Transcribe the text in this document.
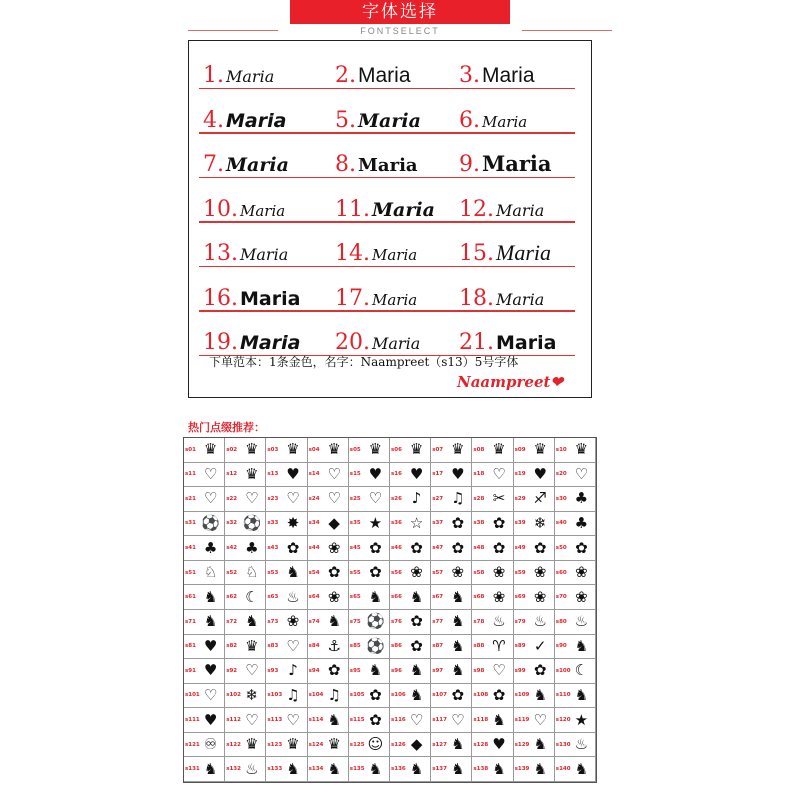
字体选择
FONTSELECT
1. Maria	2.Maria 3.Maria
4. Maria 5. Maria 6. Maria
7. Maria 8. Maria 9.Maria
10. Maria 11. Maria 12. Maria
13. Maria 14. Maria 15.Maria
16. Maria 17. Maria 18. Maria
19. Maria 20. Maria 21. Maria
下单范本：1条金色，名字：Naampreet（s13）5号字体
Naampreet❤
热门点缀推荐：
s01 ♛	s02 ♛	s03 ♛	s04 ♛	s05 ♛	s06 ♛	s07 ♛	s08 ♛	s09 ♛	s10 ♛
s11 ♡	s12 ♛	s13 ♥	s14 ♡	s15 ♥	s16 ♥	s17 ♥	s18 ♡	s19 ♥	s20 ♡
s21 ♡	s22 ♡	s23 ♡	s24 ♡	s25 ♡	s26 ♪	s27 ♫	s28 ✂	s29 ♐	s30 ♣
s31 ⚽	s32 ⚽	s33 ✸	s34 ◆	s35 ★	s36 ☆	s37 ✿	s38 ✿	s39 ❄	s40 ♣
s41 ♣	s42 ♣	s43 ✿	s44 ❀	s45 ✿	s46 ✿	s47 ✿	s48 ✿	s49 ✿	s50 ✿
s51 ♘	s52 ♘	s53 ♞	s54 ✿	s55 ✿	s56 ❀	s57 ❀	s58 ❀	s59 ❀	s60 ❀
s61 ♞	s62 ☾	s63 ♨	s64 ❀	s65 ♞	s66 ♞	s67 ♞	s68 ❀	s69 ❀	s70 ❀
s71 ♞	s72 ♞	s73 ❀	s74 ♞	s75 ⚽	s76 ✿	s77 ♞	s78 ♨	s79 ♨	s80 ♨
s81 ♥	s82 ♛	s83 ♡	s84 ⚓	s85 ⚽	s86 ✿	s87 ♞	s88 ♈	s89 ✓	s90 ♞
s91 ♥	s92 ♡	s93 ♪	s94 ✿	s95 ♞	s96 ♞	s97 ♞	s98 ♡	s99 ✿	s100 ☾
s101 ♡	s102 ❄	s103 ♫	s104 ♫	s105 ✿	s106 ♞	s107 ✿	s108 ✿	s109 ♞	s110 ♞
s111 ♥	s112 ♡	s113 ♡	s114 ♞	s115 ✿	s116 ♡	s117 ♡	s118 ♞	s119 ♡	s120 ★
s121 ♾	s122 ♛	s123 ♛	s124 ♛	s125 ☺	s126 ◆	s127 ♞	s128 ♥	s129 ♞	s130 ♨
s131 ♞	s132 ♨	s133 ♞	s134 ♞	s135 ♞	s136 ♞	s137 ♞	s138 ♞	s139 ♞	s140 ♞
